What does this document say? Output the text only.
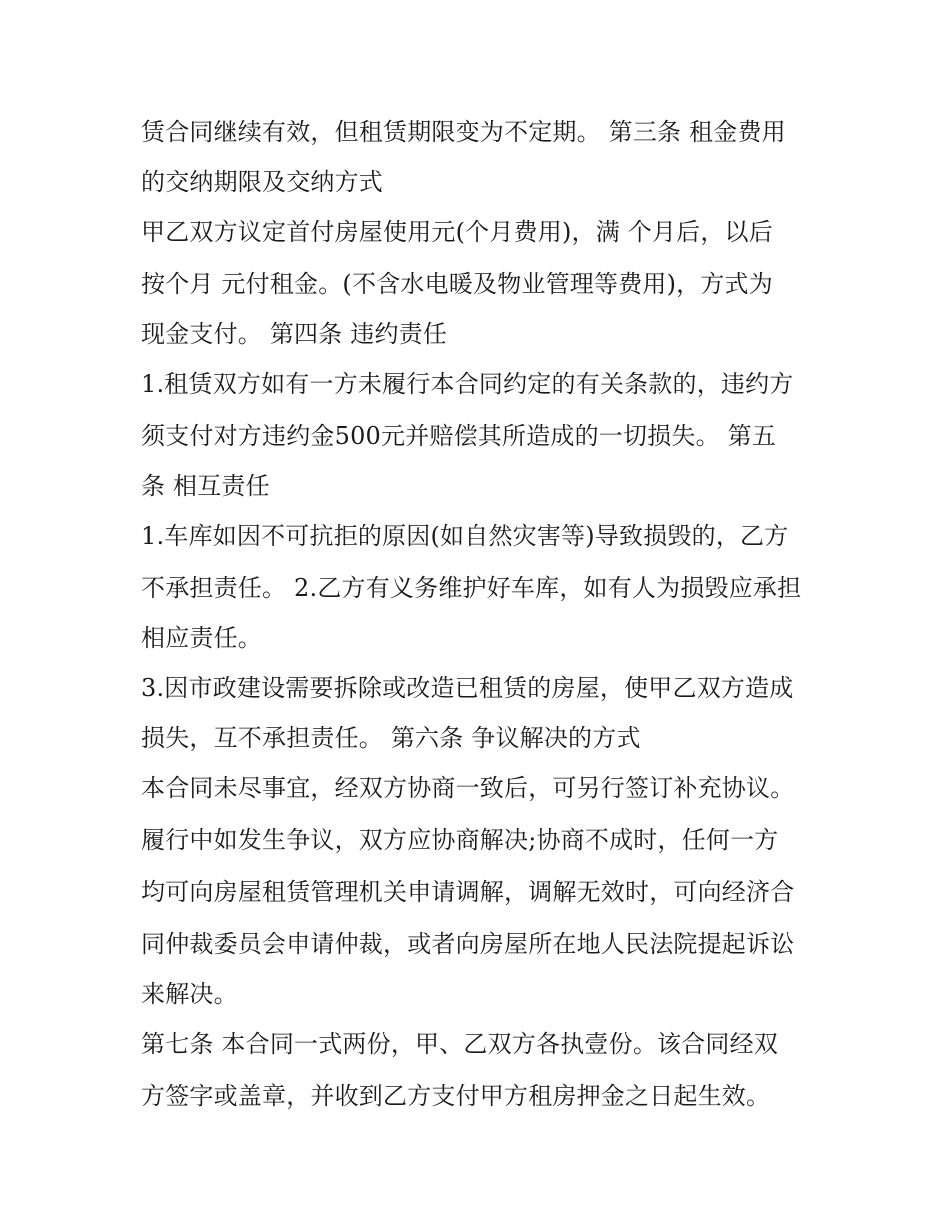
赁合同继续有效，但租赁期限变为不定期。 第三条 租金费用
的交纳期限及交纳方式
甲乙双方议定首付房屋使用元(个月费用)，满 个月后，以后
按个月 元付租金。(不含水电暖及物业管理等费用)，方式为
现金支付。 第四条 违约责任
1.租赁双方如有一方未履行本合同约定的有关条款的，违约方
须支付对方违约金500元并赔偿其所造成的一切损失。 第五
条 相互责任
1.车库如因不可抗拒的原因(如自然灾害等)导致损毁的，乙方
不承担责任。 2.乙方有义务维护好车库，如有人为损毁应承担
相应责任。
3.因市政建设需要拆除或改造已租赁的房屋，使甲乙双方造成
损失，互不承担责任。 第六条 争议解决的方式
本合同未尽事宜，经双方协商一致后，可另行签订补充协议。
履行中如发生争议，双方应协商解决;协商不成时，任何一方
均可向房屋租赁管理机关申请调解，调解无效时，可向经济合
同仲裁委员会申请仲裁，或者向房屋所在地人民法院提起诉讼
来解决。
第七条 本合同一式两份，甲、乙双方各执壹份。该合同经双
方签字或盖章，并收到乙方支付甲方租房押金之日起生效。
